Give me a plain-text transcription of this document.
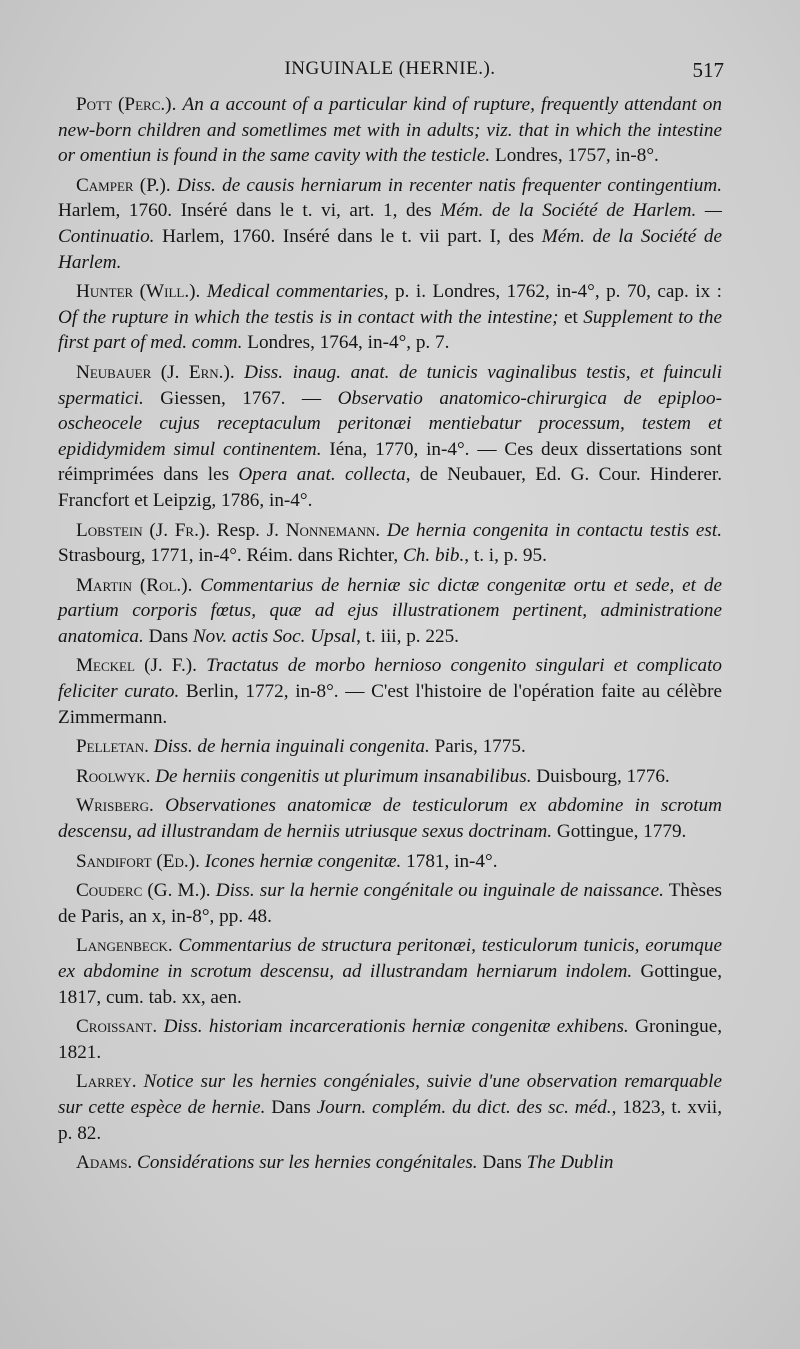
INGUINALE (HERNIE.).	517

Pott (Perc.). An a account of a particular kind of rupture, frequently attendant on new-born children and sometlimes met with in adults; viz. that in which the intestine or omentiun is found in the same cavity with the testicle. Londres, 1757, in-8°.

Camper (P.). Diss. de causis herniarum in recenter natis frequenter contingentium. Harlem, 1760. Inséré dans le t. vi, art. 1, des Mém. de la Société de Harlem. — Continuatio. Harlem, 1760. Inséré dans le t. vii part. I, des Mém. de la Société de Harlem.

Hunter (Will.). Medical commentaries, p. i. Londres, 1762, in-4°, p. 70, cap. ix : Of the rupture in which the testis is in contact with the intestine; et Supplement to the first part of med. comm. Londres, 1764, in-4°, p. 7.

Neubauer (J. Ern.). Diss. inaug. anat. de tunicis vaginalibus testis, et fuinculi spermatici. Giessen, 1767. — Observatio anatomico-chirurgica de epiploo-oscheocele cujus receptaculum peritonæi mentiebatur processum, testem et epididymidem simul continentem. Iéna, 1770, in-4°. — Ces deux dissertations sont réimprimées dans les Opera anat. collecta, de Neubauer, Ed. G. Cour. Hinderer. Francfort et Leipzig, 1786, in-4°.

Lobstein (J. Fr.). Resp. J. Nonnemann. De hernia congenita in contactu testis est. Strasbourg, 1771, in-4°. Réim. dans Richter, Ch. bib., t. i, p. 95.

Martin (Rol.). Commentarius de herniæ sic dictæ congenitæ ortu et sede, et de partium corporis fœtus, quæ ad ejus illustrationem pertinent, administratione anatomica. Dans Nov. actis Soc. Upsal, t. iii, p. 225.

Meckel (J. F.). Tractatus de morbo hernioso congenito singulari et complicato feliciter curato. Berlin, 1772, in-8°. — C'est l'histoire de l'opération faite au célèbre Zimmermann.

Pelletan. Diss. de hernia inguinali congenita. Paris, 1775.

Roolwyk. De herniis congenitis ut plurimum insanabilibus. Duisbourg, 1776.

Wrisberg. Observationes anatomicæ de testiculorum ex abdomine in scrotum descensu, ad illustrandam de herniis utriusque sexus doctrinam. Gottingue, 1779.

Sandifort (Ed.). Icones herniæ congenitæ. 1781, in-4°.

Couderc (G. M.). Diss. sur la hernie congénitale ou inguinale de naissance. Thèses de Paris, an x, in-8°, pp. 48.

Langenbeck. Commentarius de structura peritonæi, testiculorum tunicis, eorumque ex abdomine in scrotum descensu, ad illustrandam herniarum indolem. Gottingue, 1817, cum. tab. xx, aen.

Croissant. Diss. historiam incarcerationis herniæ congenitæ exhibens. Groningue, 1821.

Larrey. Notice sur les hernies congéniales, suivie d'une observation remarquable sur cette espèce de hernie. Dans Journ. complém. du dict. des sc. méd., 1823, t. xvii, p. 82.

Adams. Considérations sur les hernies congénitales. Dans The Dublin
